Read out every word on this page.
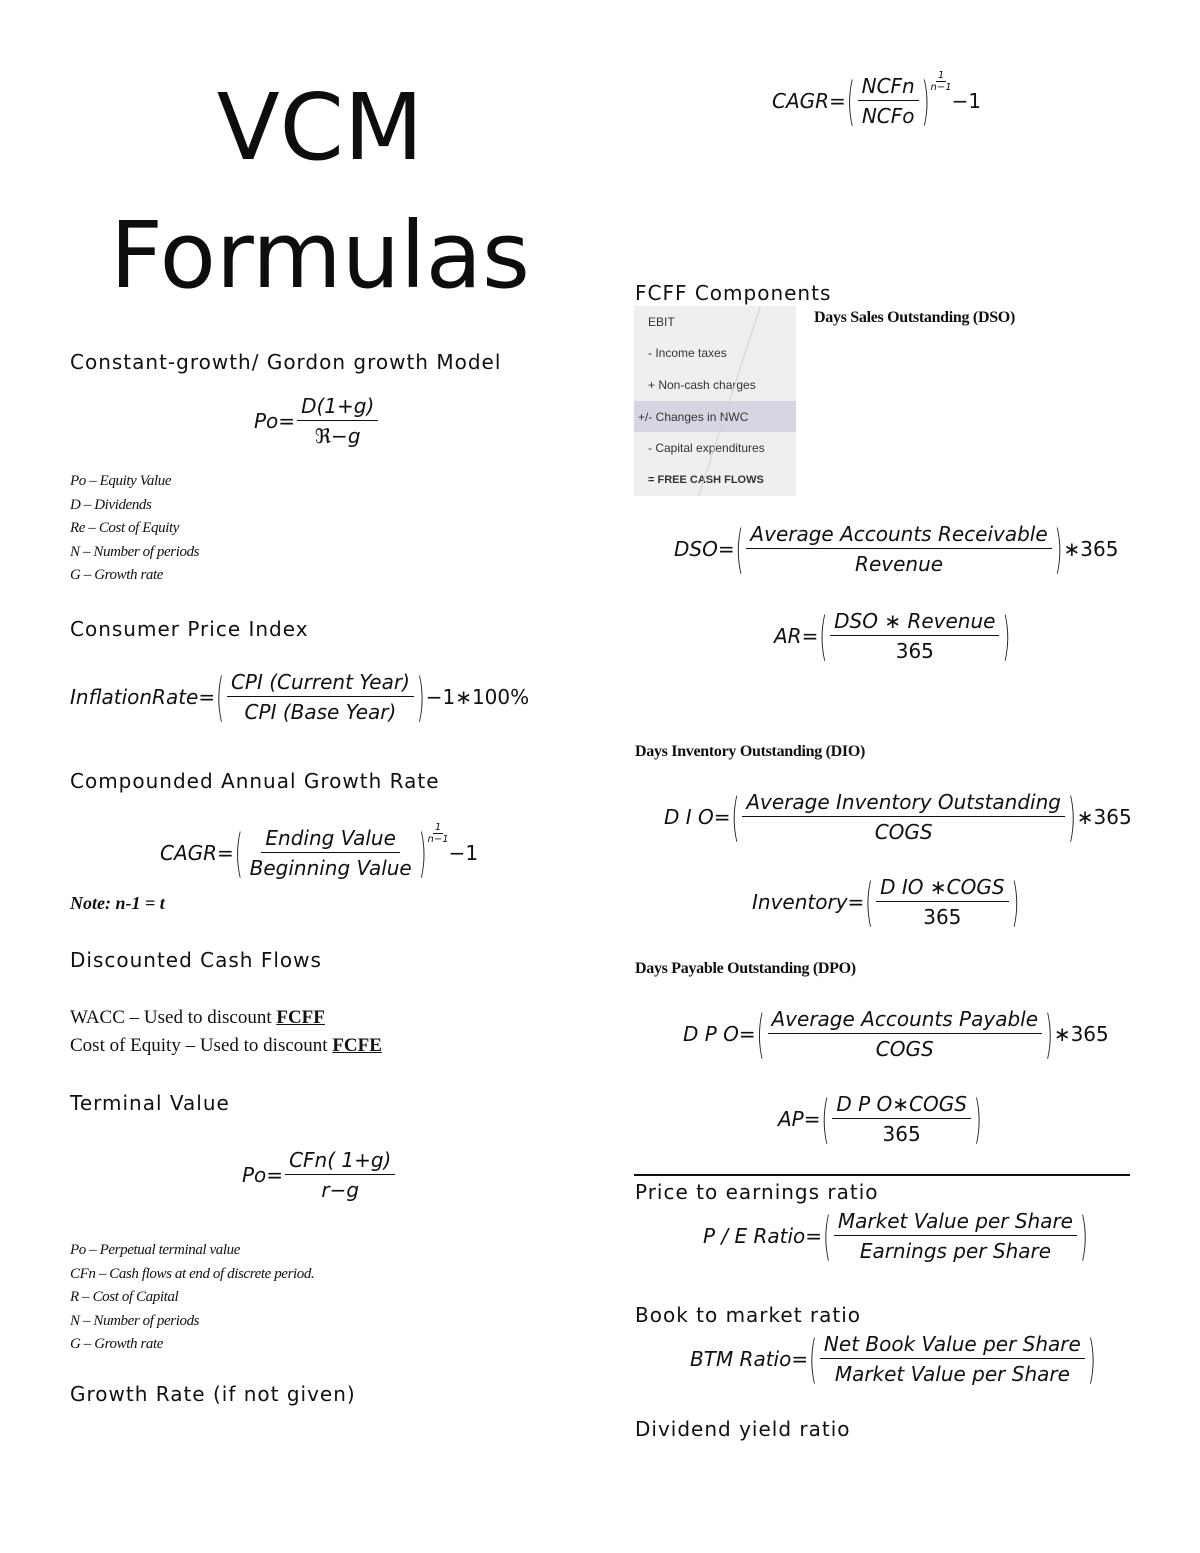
VCM
Formulas
Constant-growth/ Gordon growth Model
$Po = \frac{D(1+g)}{\text{ℜ−g}}$
Po – Equity Value
D – Dividends
Re – Cost of Equity
N – Number of periods
G – Growth rate
Consumer Price Index
InflationRate = ( $\frac{\text{CPI (Current Year)}}{\text{CPI (Base Year)}}$ ) −1∗100%
Compounded Annual Growth Rate
CAGR = ( $\frac{\text{Ending Value}}{\text{Beginning Value}}$ ) $\frac{1}{n-1}$
−1
Note: n-1 = t
Discounted Cash Flows
WACC – Used to discount FCFF
Cost of Equity – Used to discount FCFE
Terminal Value
$Po = \frac{\text{CFn( 1+g)}}{r-g}$
Po – Perpetual terminal value
CFn – Cash flows at end of discrete period.
R – Cost of Capital
N – Number of periods
G – Growth rate
Growth Rate (if not given)
CAGR = ( $\frac{\text{NCFn}}{\text{NCFo}}$ ) $\frac{1}{n-1}$
−1
FCFF Components
EBIT
- Income taxes
+ Non-cash charges
+/- Changes in NWC
- Capital expenditures
= FREE CASH FLOWS
Days Sales Outstanding (DSO)
DSO = ( $\frac{\text{Average Accounts Receivable}}{\text{Revenue}}$ ) ∗365
AR = ( $\frac{\text{DSO ∗ Revenue}}{365}$ )
Days Inventory Outstanding (DIO)
D I O = ( $\frac{\text{Average Inventory Outstanding}}{\text{COGS}}$ ) ∗365
Inventory = ( $\frac{\text{D IO ∗COGS}}{365}$ )
Days Payable Outstanding (DPO)
D P O = ( $\frac{\text{Average Accounts Payable}}{\text{COGS}}$ ) ∗365
AP = ( $\frac{\text{D P O∗COGS}}{365}$ )
Price to earnings ratio
P / E Ratio = ( $\frac{\text{Market Value per Share}}{\text{Earnings per Share}}$ )
Book to market ratio
BTM Ratio = ( $\frac{\text{Net Book Value per Share}}{\text{Market Value per Share}}$ )
Dividend yield ratio
